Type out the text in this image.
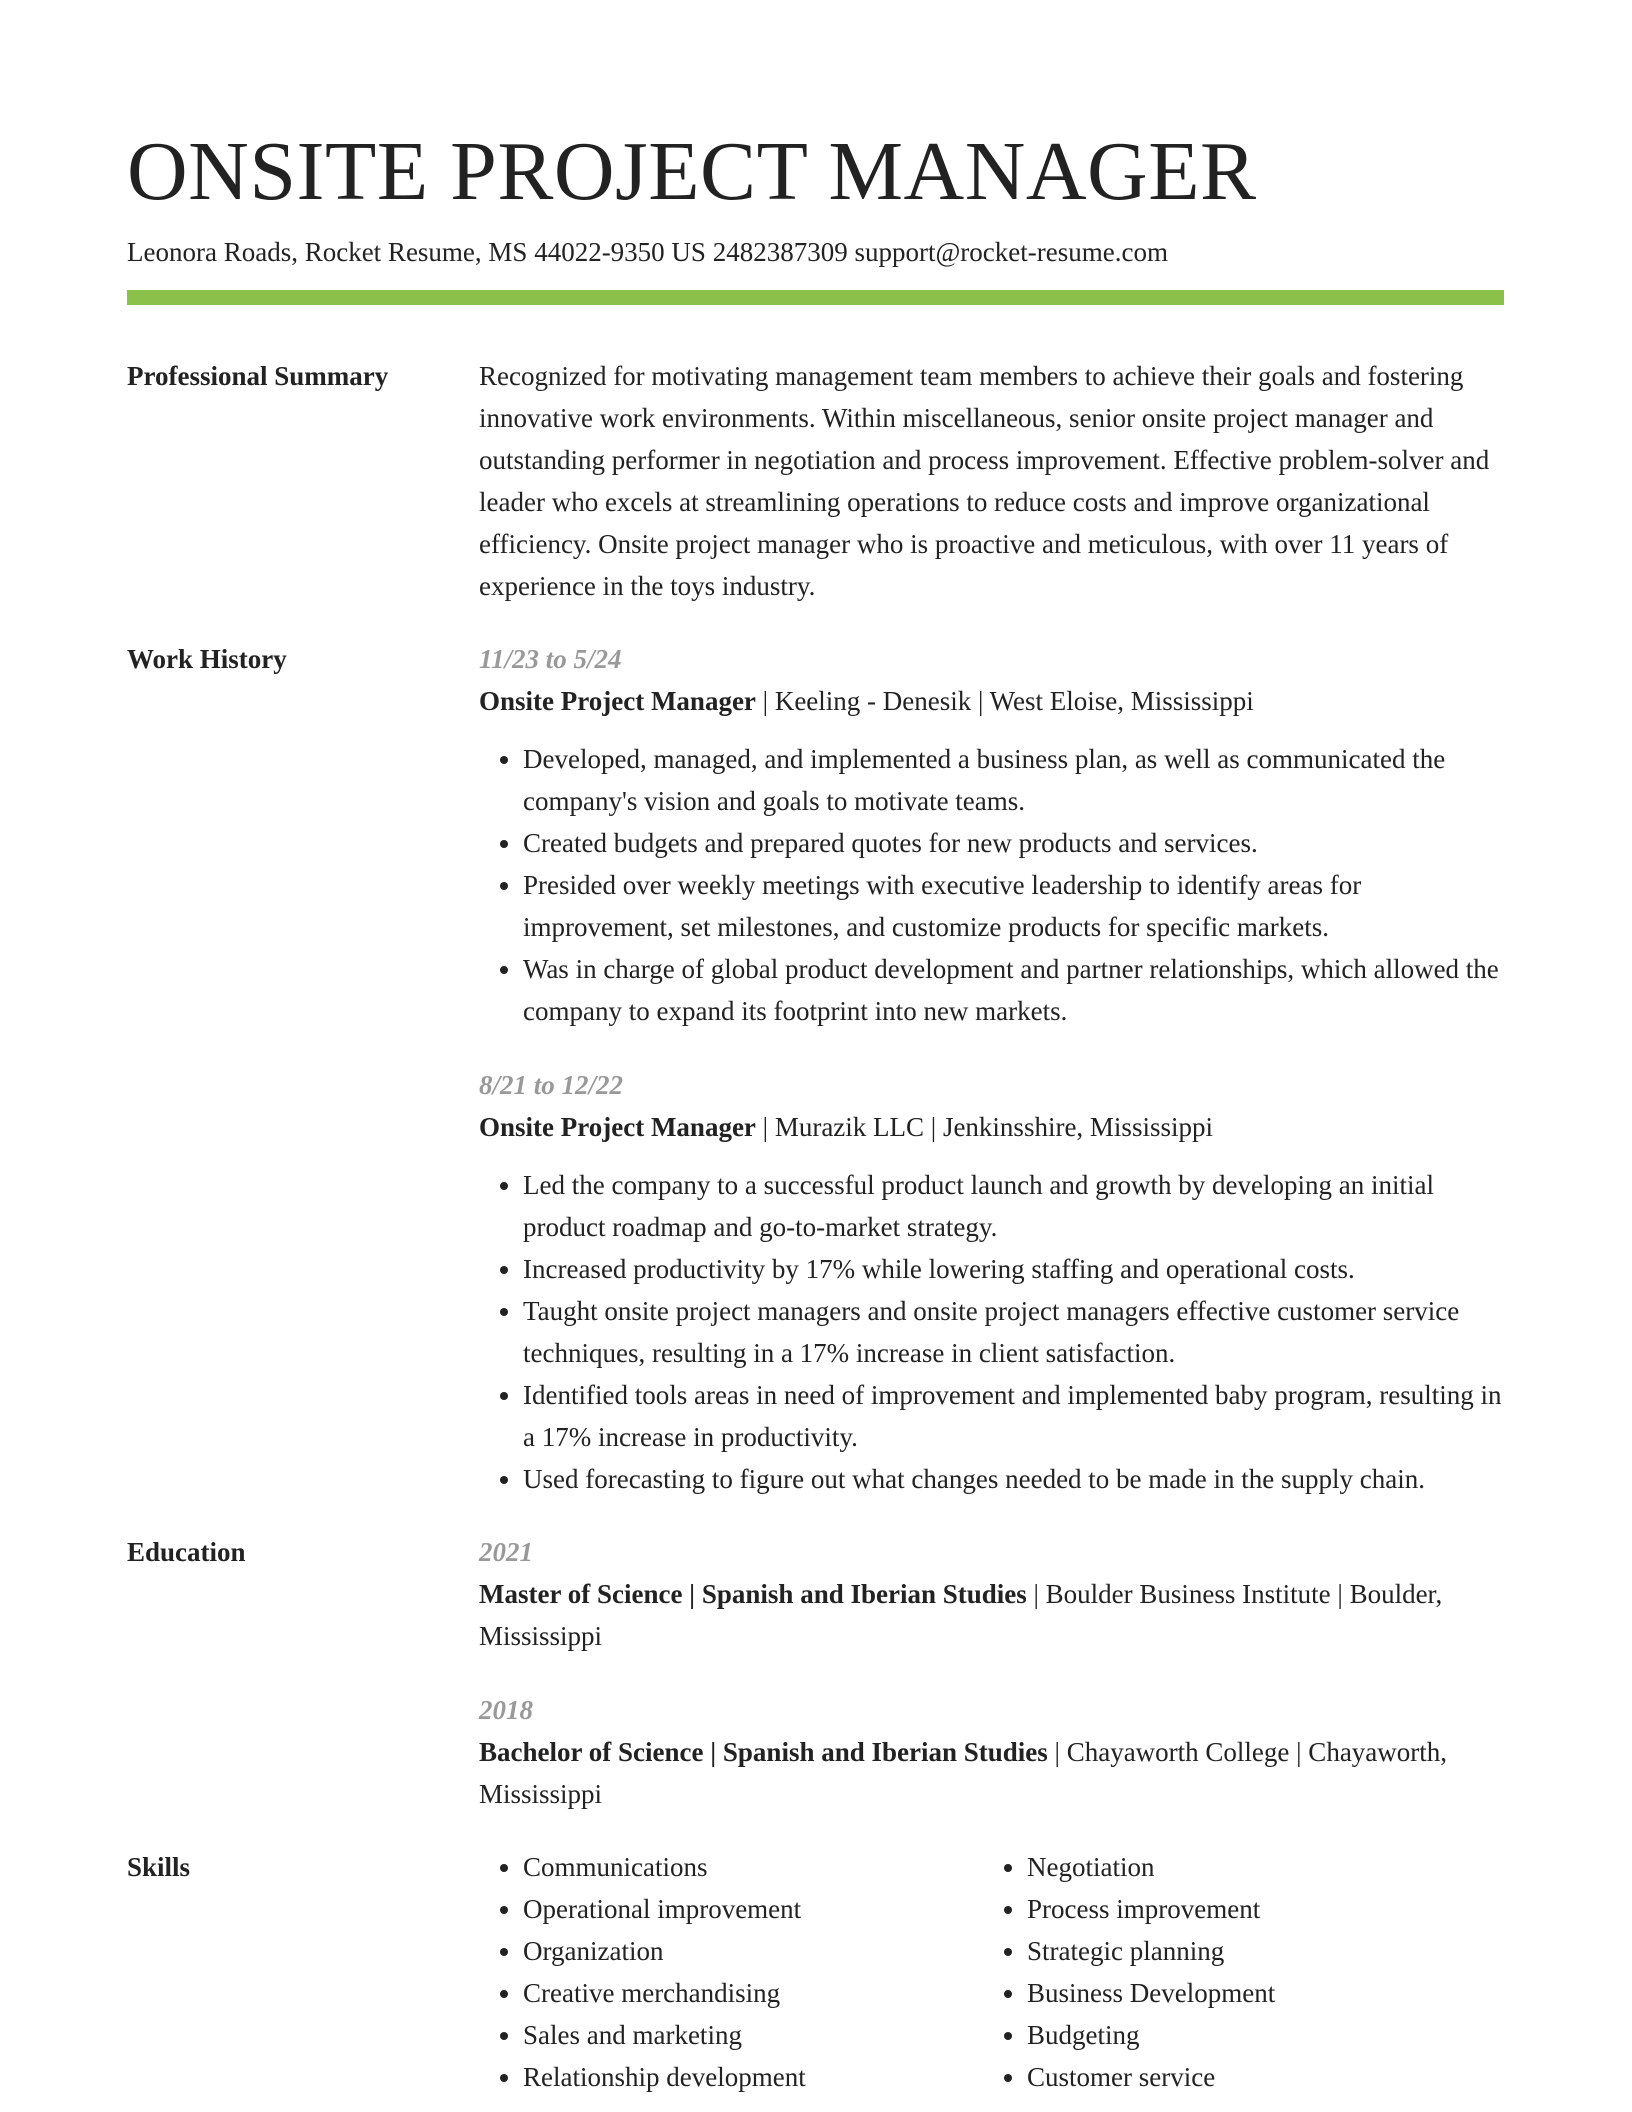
ONSITE PROJECT MANAGER
Leonora Roads, Rocket Resume, MS 44022-9350 US 2482387309 support@rocket-resume.com
Professional Summary	Recognized for motivating management team members to achieve their goals and fostering innovative work environments. Within miscellaneous, senior onsite project manager and outstanding performer in negotiation and process improvement. Effective problem-solver and leader who excels at streamlining operations to reduce costs and improve organizational efficiency. Onsite project manager who is proactive and meticulous, with over 11 years of experience in the toys industry.
Work History	11/23 to 5/24
Onsite Project Manager | Keeling - Denesik | West Eloise, Mississippi
• Developed, managed, and implemented a business plan, as well as communicated the company's vision and goals to motivate teams.
• Created budgets and prepared quotes for new products and services.
• Presided over weekly meetings with executive leadership to identify areas for improvement, set milestones, and customize products for specific markets.
• Was in charge of global product development and partner relationships, which allowed the company to expand its footprint into new markets.
8/21 to 12/22
Onsite Project Manager | Murazik LLC | Jenkinsshire, Mississippi
• Led the company to a successful product launch and growth by developing an initial product roadmap and go-to-market strategy.
• Increased productivity by 17% while lowering staffing and operational costs.
• Taught onsite project managers and onsite project managers effective customer service techniques, resulting in a 17% increase in client satisfaction.
• Identified tools areas in need of improvement and implemented baby program, resulting in a 17% increase in productivity.
• Used forecasting to figure out what changes needed to be made in the supply chain.
Education	2021
Master of Science | Spanish and Iberian Studies | Boulder Business Institute | Boulder, Mississippi
2018
Bachelor of Science | Spanish and Iberian Studies | Chayaworth College | Chayaworth, Mississippi
Skills
•	Communications
• Operational improvement
• Organization
• Creative merchandising
• Sales and marketing
• Relationship development
• Negotiation
• Process improvement
• Strategic planning
• Business Development
• Budgeting
• Customer service
